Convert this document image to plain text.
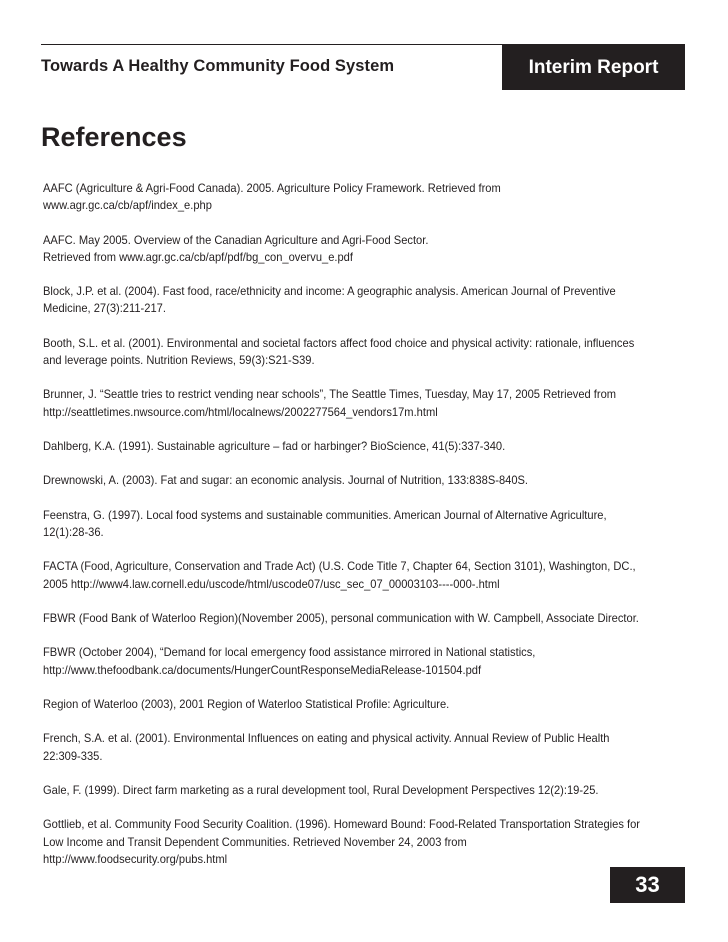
Towards A Healthy Community Food System	Interim Report
References
AAFC (Agriculture & Agri-Food Canada). 2005. Agriculture Policy Framework. Retrieved from
www.agr.gc.ca/cb/apf/index_e.php
AAFC. May 2005. Overview of the Canadian Agriculture and Agri-Food Sector.
Retrieved from www.agr.gc.ca/cb/apf/pdf/bg_con_overvu_e.pdf
Block, J.P. et al. (2004). Fast food, race/ethnicity and income: A geographic analysis. American Journal of Preventive
Medicine, 27(3):211-217.
Booth, S.L. et al. (2001). Environmental and societal factors affect food choice and physical activity: rationale, influences
and leverage points. Nutrition Reviews, 59(3):S21-S39.
Brunner, J. “Seattle tries to restrict vending near schools”, The Seattle Times, Tuesday, May 17, 2005 Retrieved from
http://seattletimes.nwsource.com/html/localnews/2002277564_vendors17m.html
Dahlberg, K.A. (1991). Sustainable agriculture – fad or harbinger? BioScience, 41(5):337-340.
Drewnowski, A. (2003). Fat and sugar: an economic analysis. Journal of Nutrition, 133:838S-840S.
Feenstra, G. (1997). Local food systems and sustainable communities. American Journal of Alternative Agriculture,
12(1):28-36.
FACTA (Food, Agriculture, Conservation and Trade Act) (U.S. Code Title 7, Chapter 64, Section 3101), Washington, DC.,
2005 http://www4.law.cornell.edu/uscode/html/uscode07/usc_sec_07_00003103----000-.html
FBWR (Food Bank of Waterloo Region)(November 2005), personal communication with W. Campbell, Associate Director.
FBWR (October 2004), “Demand for local emergency food assistance mirrored in National statistics,
http://www.thefoodbank.ca/documents/HungerCountResponseMediaRelease-101504.pdf
Region of Waterloo (2003), 2001 Region of Waterloo Statistical Profile: Agriculture.
French, S.A. et al. (2001). Environmental Influences on eating and physical activity. Annual Review of Public Health
22:309-335.
Gale, F. (1999). Direct farm marketing as a rural development tool, Rural Development Perspectives 12(2):19-25.
Gottlieb, et al. Community Food Security Coalition. (1996). Homeward Bound: Food-Related Transportation Strategies for
Low Income and Transit Dependent Communities. Retrieved November 24, 2003 from
http://www.foodsecurity.org/pubs.html
33
